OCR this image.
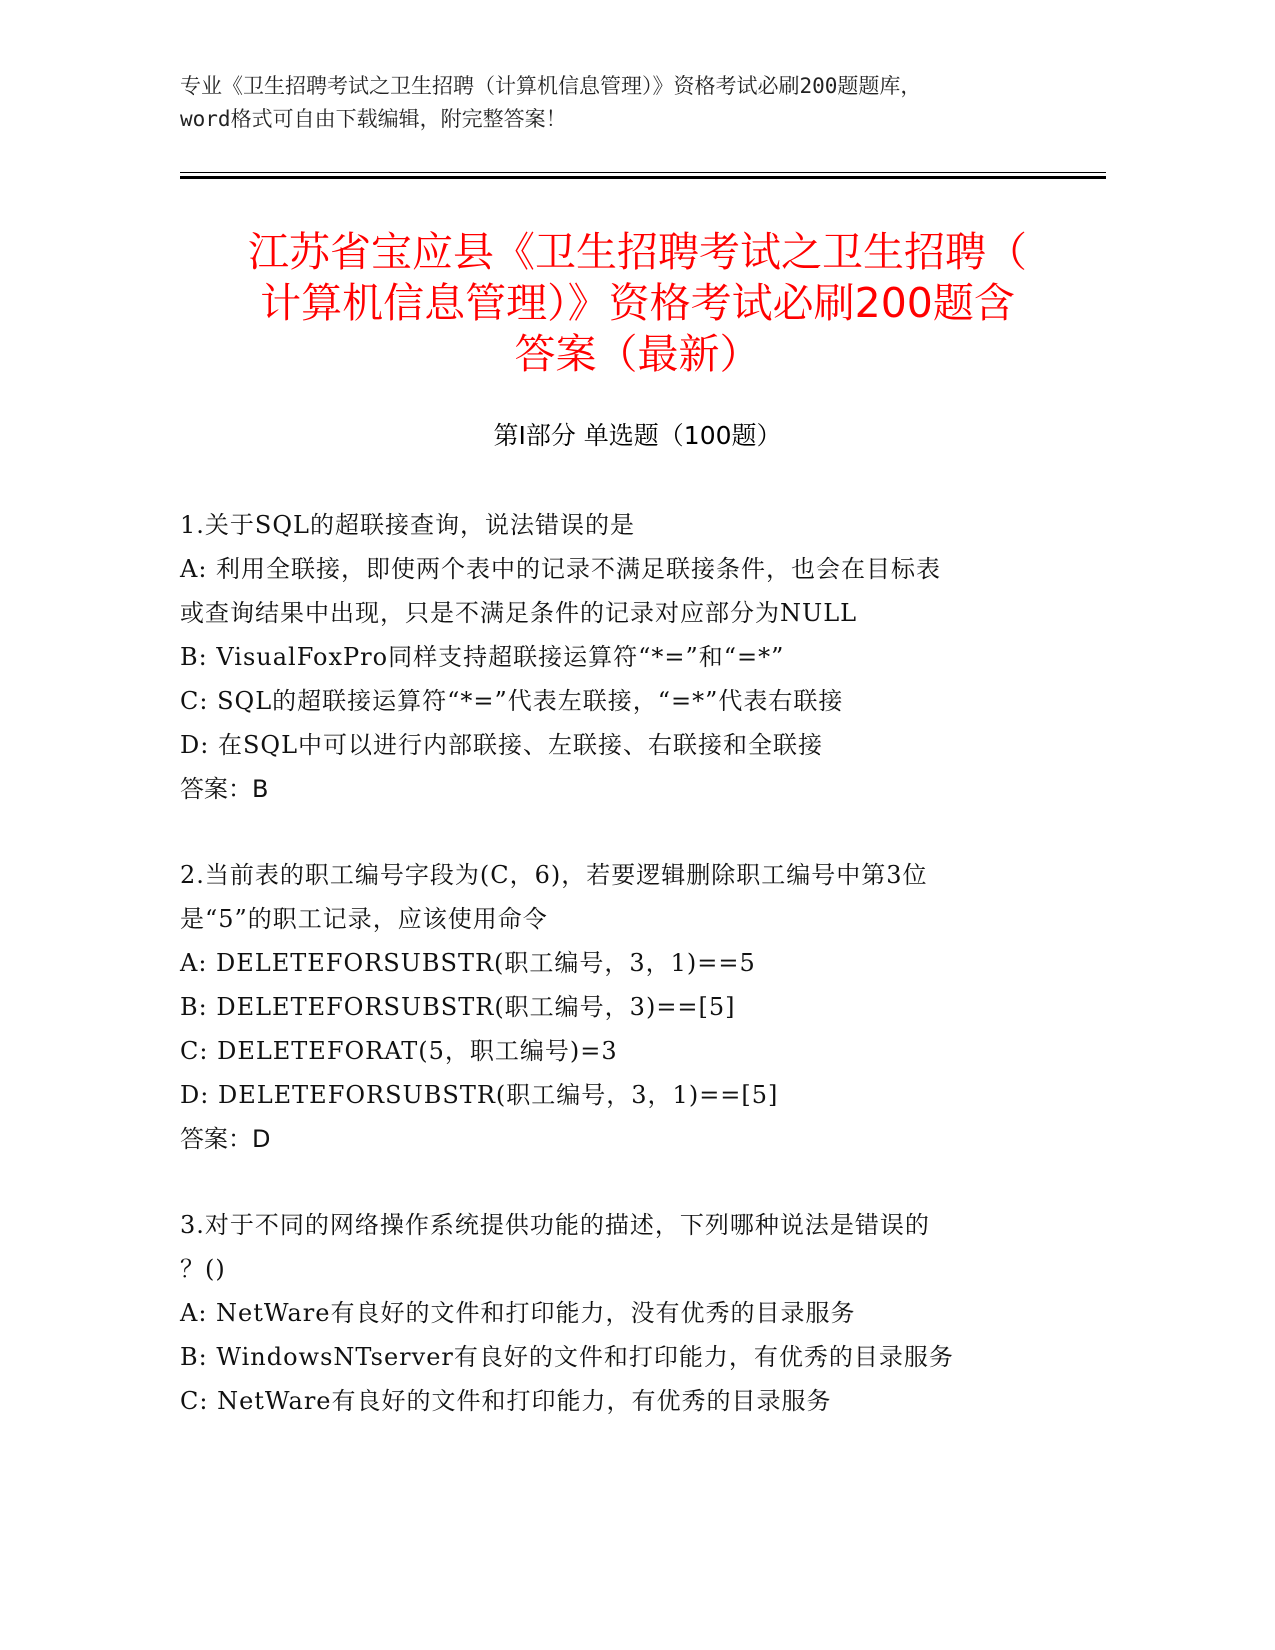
专业《卫生招聘考试之卫生招聘（计算机信息管理）》资格考试必刷200题题库，
word格式可自由下载编辑，附完整答案！
江苏省宝应县《卫生招聘考试之卫生招聘（
计算机信息管理）》资格考试必刷200题含
答案（最新）
第Ⅰ部分 单选题（100题）
1.关于SQL的超联接查询，说法错误的是
A: 利用全联接，即使两个表中的记录不满足联接条件，也会在目标表
或查询结果中出现，只是不满足条件的记录对应部分为NULL
B: VisualFoxPro同样支持超联接运算符“*=”和“=*”
C: SQL的超联接运算符“*=”代表左联接，“=*”代表右联接
D: 在SQL中可以进行内部联接、左联接、右联接和全联接
答案：B
2.当前表的职工编号字段为(C，6)，若要逻辑删除职工编号中第3位
是“5”的职工记录，应该使用命令
A: DELETEFORSUBSTR(职工编号，3，1)==5
B: DELETEFORSUBSTR(职工编号，3)==[5]
C: DELETEFORAT(5，职工编号)=3
D: DELETEFORSUBSTR(职工编号，3，1)==[5]
答案：D
3.对于不同的网络操作系统提供功能的描述，下列哪种说法是错误的
？()
A: NetWare有良好的文件和打印能力，没有优秀的目录服务
B: WindowsNTserver有良好的文件和打印能力，有优秀的目录服务
C: NetWare有良好的文件和打印能力，有优秀的目录服务
